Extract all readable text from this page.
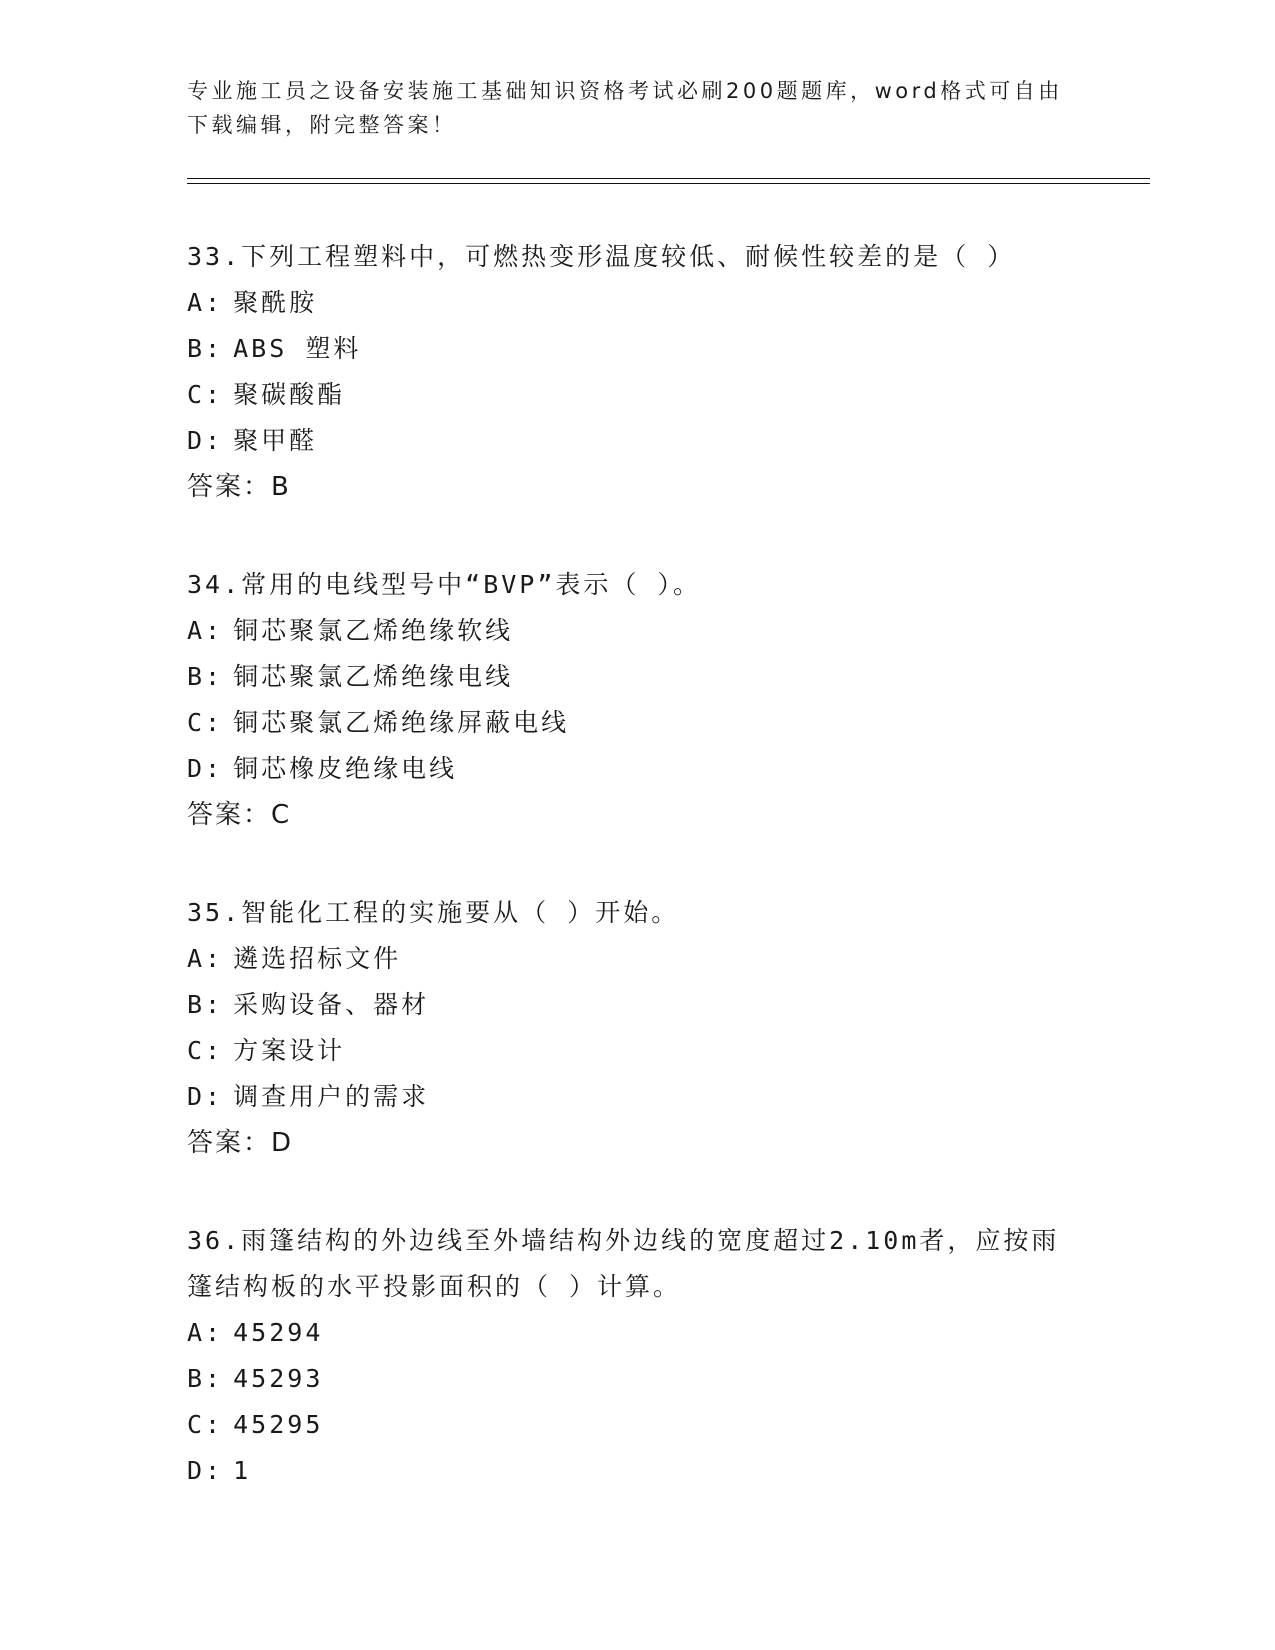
专业施工员之设备安装施工基础知识资格考试必刷200题题库，word格式可自由
下载编辑，附完整答案！

33.下列工程塑料中，可燃热变形温度较低、耐候性较差的是（ ）

A: 聚酰胺
B: ABS 塑料
C: 聚碳酸酯
D: 聚甲醛
答案：B

34.常用的电线型号中“BVP”表示（ ）。

A: 铜芯聚氯乙烯绝缘软线
B: 铜芯聚氯乙烯绝缘电线
C: 铜芯聚氯乙烯绝缘屏蔽电线
D: 铜芯橡皮绝缘电线
答案：C

35.智能化工程的实施要从（ ）开始。

A: 遴选招标文件
B: 采购设备、器材
C: 方案设计
D: 调查用户的需求
答案：D

36.雨篷结构的外边线至外墙结构外边线的宽度超过2.10m者，应按雨篷结构板的水平投影面积的（ ）计算。

A: 45294
B: 45293
C: 45295
D: 1
